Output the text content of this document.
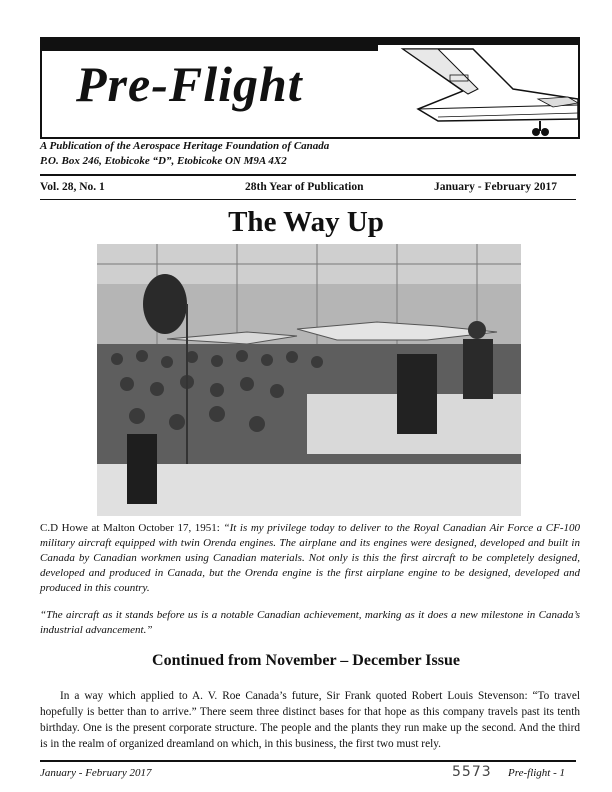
Pre-Flight
A Publication of the Aerospace Heritage Foundation of Canada
P.O. Box 246, Etobicoke “D”, Etobicoke ON M9A 4X2
Vol. 28, No. 1	28th Year of Publication	January - February 2017
The Way Up
C.D Howe at Malton October 17, 1951: “It is my privilege today to deliver to the Royal Canadian Air Force a CF-100 military aircraft equipped with twin Orenda engines. The airplane and its engines were designed, developed and built in Canada by Canadian workmen using Canadian materials. Not only is this the first aircraft to be completely designed, developed and produced in Canada, but the Orenda engine is the first airplane engine to be designed, developed and produced in this country.
“The aircraft as it stands before us is a notable Canadian achievement, marking as it does a new milestone in Canada’s industrial advancement.”
Continued from November – December Issue
In a way which applied to A. V. Roe Canada’s future, Sir Frank quoted Robert Louis Stevenson: “To travel hopefully is better than to arrive.” There seem three distinct bases for that hope as this company travels past its tenth birthday. One is the present corporate structure. The people and the plants they run make up the second. And the third is in the realm of organized dreamland on which, in this business, the first two must rely.
January - February 2017	5573 Pre-flight - 1
